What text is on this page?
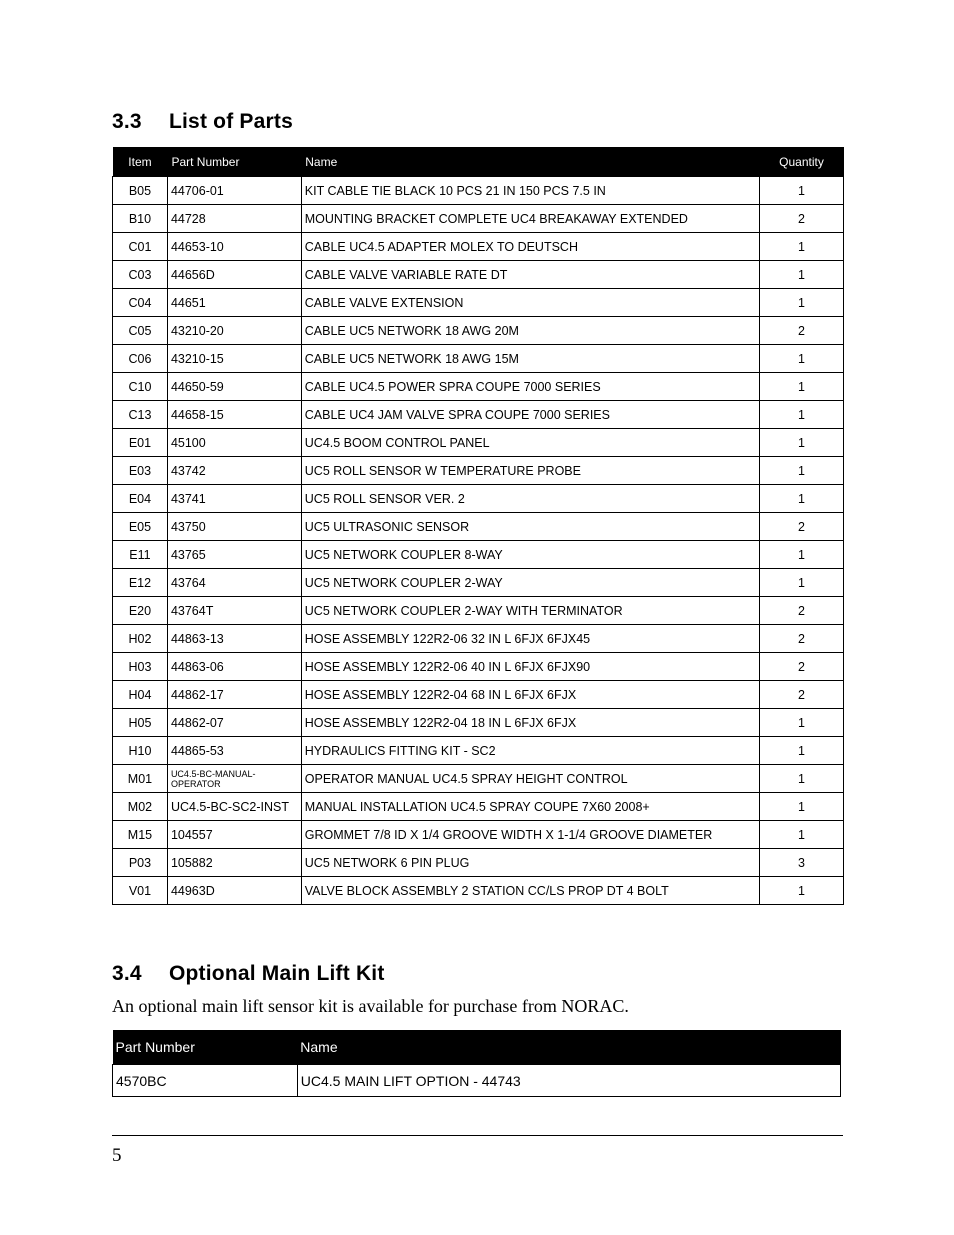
3.3 List of Parts
Item	Part Number	Name	Quantity
B05	44706-01	KIT CABLE TIE BLACK 10 PCS 21 IN 150 PCS 7.5 IN	1
B10	44728	MOUNTING BRACKET COMPLETE UC4 BREAKAWAY EXTENDED	2
C01	44653-10	CABLE UC4.5 ADAPTER MOLEX TO DEUTSCH	1
C03	44656D	CABLE VALVE VARIABLE RATE DT	1
C04	44651	CABLE VALVE EXTENSION	1
C05	43210-20	CABLE UC5 NETWORK 18 AWG 20M	2
C06	43210-15	CABLE UC5 NETWORK 18 AWG 15M	1
C10	44650-59	CABLE UC4.5 POWER SPRA COUPE 7000 SERIES	1
C13	44658-15	CABLE UC4 JAM VALVE SPRA COUPE 7000 SERIES	1
E01	45100	UC4.5 BOOM CONTROL PANEL	1
E03	43742	UC5 ROLL SENSOR W TEMPERATURE PROBE	1
E04	43741	UC5 ROLL SENSOR VER. 2	1
E05	43750	UC5 ULTRASONIC SENSOR	2
E11	43765	UC5 NETWORK COUPLER 8-WAY	1
E12	43764	UC5 NETWORK COUPLER 2-WAY	1
E20	43764T	UC5 NETWORK COUPLER 2-WAY WITH TERMINATOR	2
H02	44863-13	HOSE ASSEMBLY 122R2-06 32 IN L 6FJX 6FJX45	2
H03	44863-06	HOSE ASSEMBLY 122R2-06 40 IN L 6FJX 6FJX90	2
H04	44862-17	HOSE ASSEMBLY 122R2-04 68 IN L 6FJX 6FJX	2
H05	44862-07	HOSE ASSEMBLY 122R2-04 18 IN L 6FJX 6FJX	1
H10	44865-53	HYDRAULICS FITTING KIT - SC2	1
M01	UC4.5-BC-MANUAL-OPERATOR	OPERATOR MANUAL UC4.5 SPRAY HEIGHT CONTROL	1
M02	UC4.5-BC-SC2-INST	MANUAL INSTALLATION UC4.5 SPRAY COUPE 7X60 2008+	1
M15	104557	GROMMET 7/8 ID X 1/4 GROOVE WIDTH X 1-1/4 GROOVE DIAMETER	1
P03	105882	UC5 NETWORK 6 PIN PLUG	3
V01	44963D	VALVE BLOCK ASSEMBLY 2 STATION CC/LS PROP DT 4 BOLT	1
3.4 Optional Main Lift Kit

An optional main lift sensor kit is available for purchase from NORAC.

Part Number	Name
4570BC	UC4.5 MAIN LIFT OPTION - 44743
5
